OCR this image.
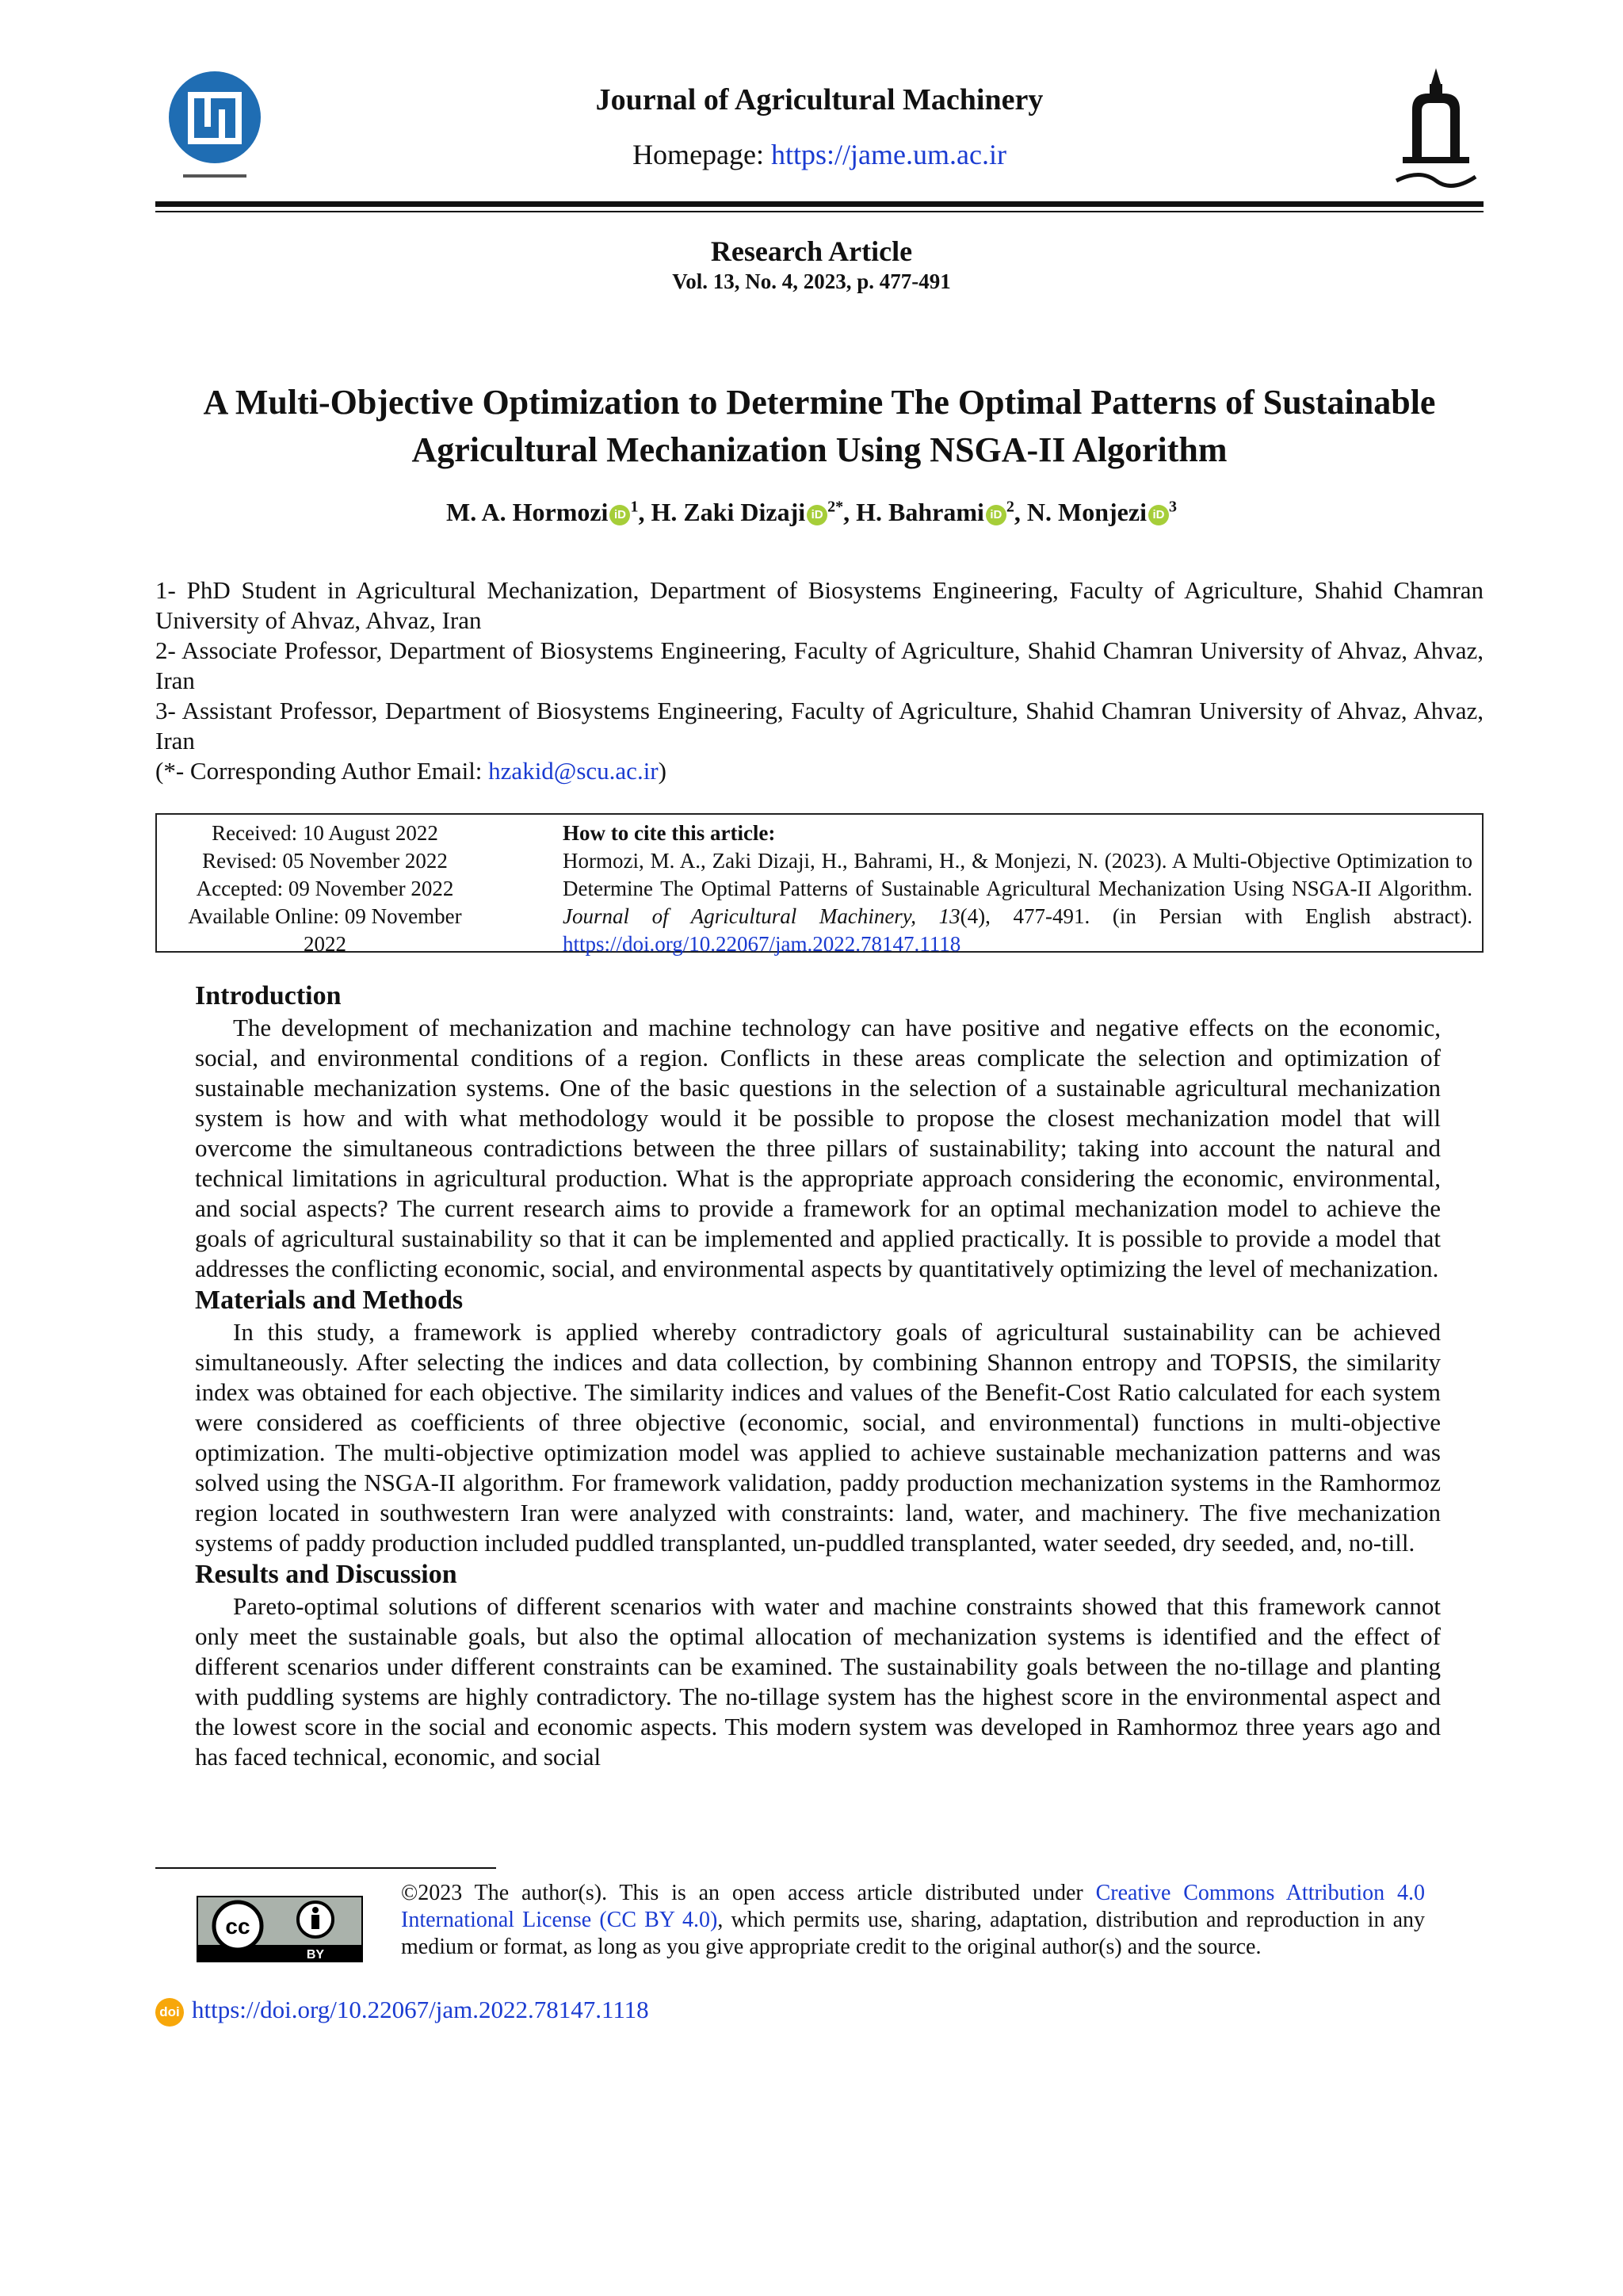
Journal of Agricultural Machinery
Homepage: https://jame.um.ac.ir
Research Article
Vol. 13, No. 4, 2023, p. 477-491
A Multi-Objective Optimization to Determine The Optimal Patterns of Sustainable Agricultural Mechanization Using NSGA-II Algorithm
M. A. Hormozi iD $^1$, H. Zaki Dizaji iD $^{2*}$, H. Bahrami iD $^2$, N. Monjezi iD $^3$

1- PhD Student in Agricultural Mechanization, Department of Biosystems Engineering, Faculty of Agriculture, Shahid Chamran University of Ahvaz, Ahvaz, Iran

2- Associate Professor, Department of Biosystems Engineering, Faculty of Agriculture, Shahid Chamran University of Ahvaz, Ahvaz, Iran

3- Assistant Professor, Department of Biosystems Engineering, Faculty of Agriculture, Shahid Chamran University of Ahvaz, Ahvaz, Iran

(*- Corresponding Author Email: hzakid@scu.ac.ir)

Received: 10 August 2022
Revised: 05 November 2022
Accepted: 09 November 2022
Available Online: 09 November 2022
How to cite this article:
Hormozi, M. A., Zaki Dizaji, H., Bahrami, H., & Monjezi, N. (2023). A Multi-Objective Optimization to Determine The Optimal Patterns of Sustainable Agricultural Mechanization Using NSGA-II Algorithm. Journal of Agricultural Machinery, 13(4), 477-491. (in Persian with English abstract). https://doi.org/10.22067/jam.2022.78147.1118
Introduction

The development of mechanization and machine technology can have positive and negative effects on the economic, social, and environmental conditions of a region. Conflicts in these areas complicate the selection and optimization of sustainable mechanization systems. One of the basic questions in the selection of a sustainable agricultural mechanization system is how and with what methodology would it be possible to propose the closest mechanization model that will overcome the simultaneous contradictions between the three pillars of sustainability; taking into account the natural and technical limitations in agricultural production. What is the appropriate approach considering the economic, environmental, and social aspects? The current research aims to provide a framework for an optimal mechanization model to achieve the goals of agricultural sustainability so that it can be implemented and applied practically. It is possible to provide a model that addresses the conflicting economic, social, and environmental aspects by quantitatively optimizing the level of mechanization.

Materials and Methods

In this study, a framework is applied whereby contradictory goals of agricultural sustainability can be achieved simultaneously. After selecting the indices and data collection, by combining Shannon entropy and TOPSIS, the similarity index was obtained for each objective. The similarity indices and values of the Benefit-Cost Ratio calculated for each system were considered as coefficients of three objective (economic, social, and environmental) functions in multi-objective optimization. The multi-objective optimization model was applied to achieve sustainable mechanization patterns and was solved using the NSGA-II algorithm. For framework validation, paddy production mechanization systems in the Ramhormoz region located in southwestern Iran were analyzed with constraints: land, water, and machinery. The five mechanization systems of paddy production included puddled transplanted, un-puddled transplanted, water seeded, dry seeded, and, no-till.

Results and Discussion

Pareto-optimal solutions of different scenarios with water and machine constraints showed that this framework cannot only meet the sustainable goals, but also the optimal allocation of mechanization systems is identified and the effect of different scenarios under different constraints can be examined. The sustainability goals between the no-tillage and planting with puddling systems are highly contradictory. The no-tillage system has the highest score in the environmental aspect and the lowest score in the social and economic aspects. This modern system was developed in Ramhormoz three years ago and has faced technical, economic, and social

cc
BY
©2023 The author(s). This is an open access article distributed under Creative Commons Attribution 4.0 International License (CC BY 4.0), which permits use, sharing, adaptation, distribution and reproduction in any medium or format, as long as you give appropriate credit to the original author(s) and the source.
doi https://doi.org/10.22067/jam.2022.78147.1118
